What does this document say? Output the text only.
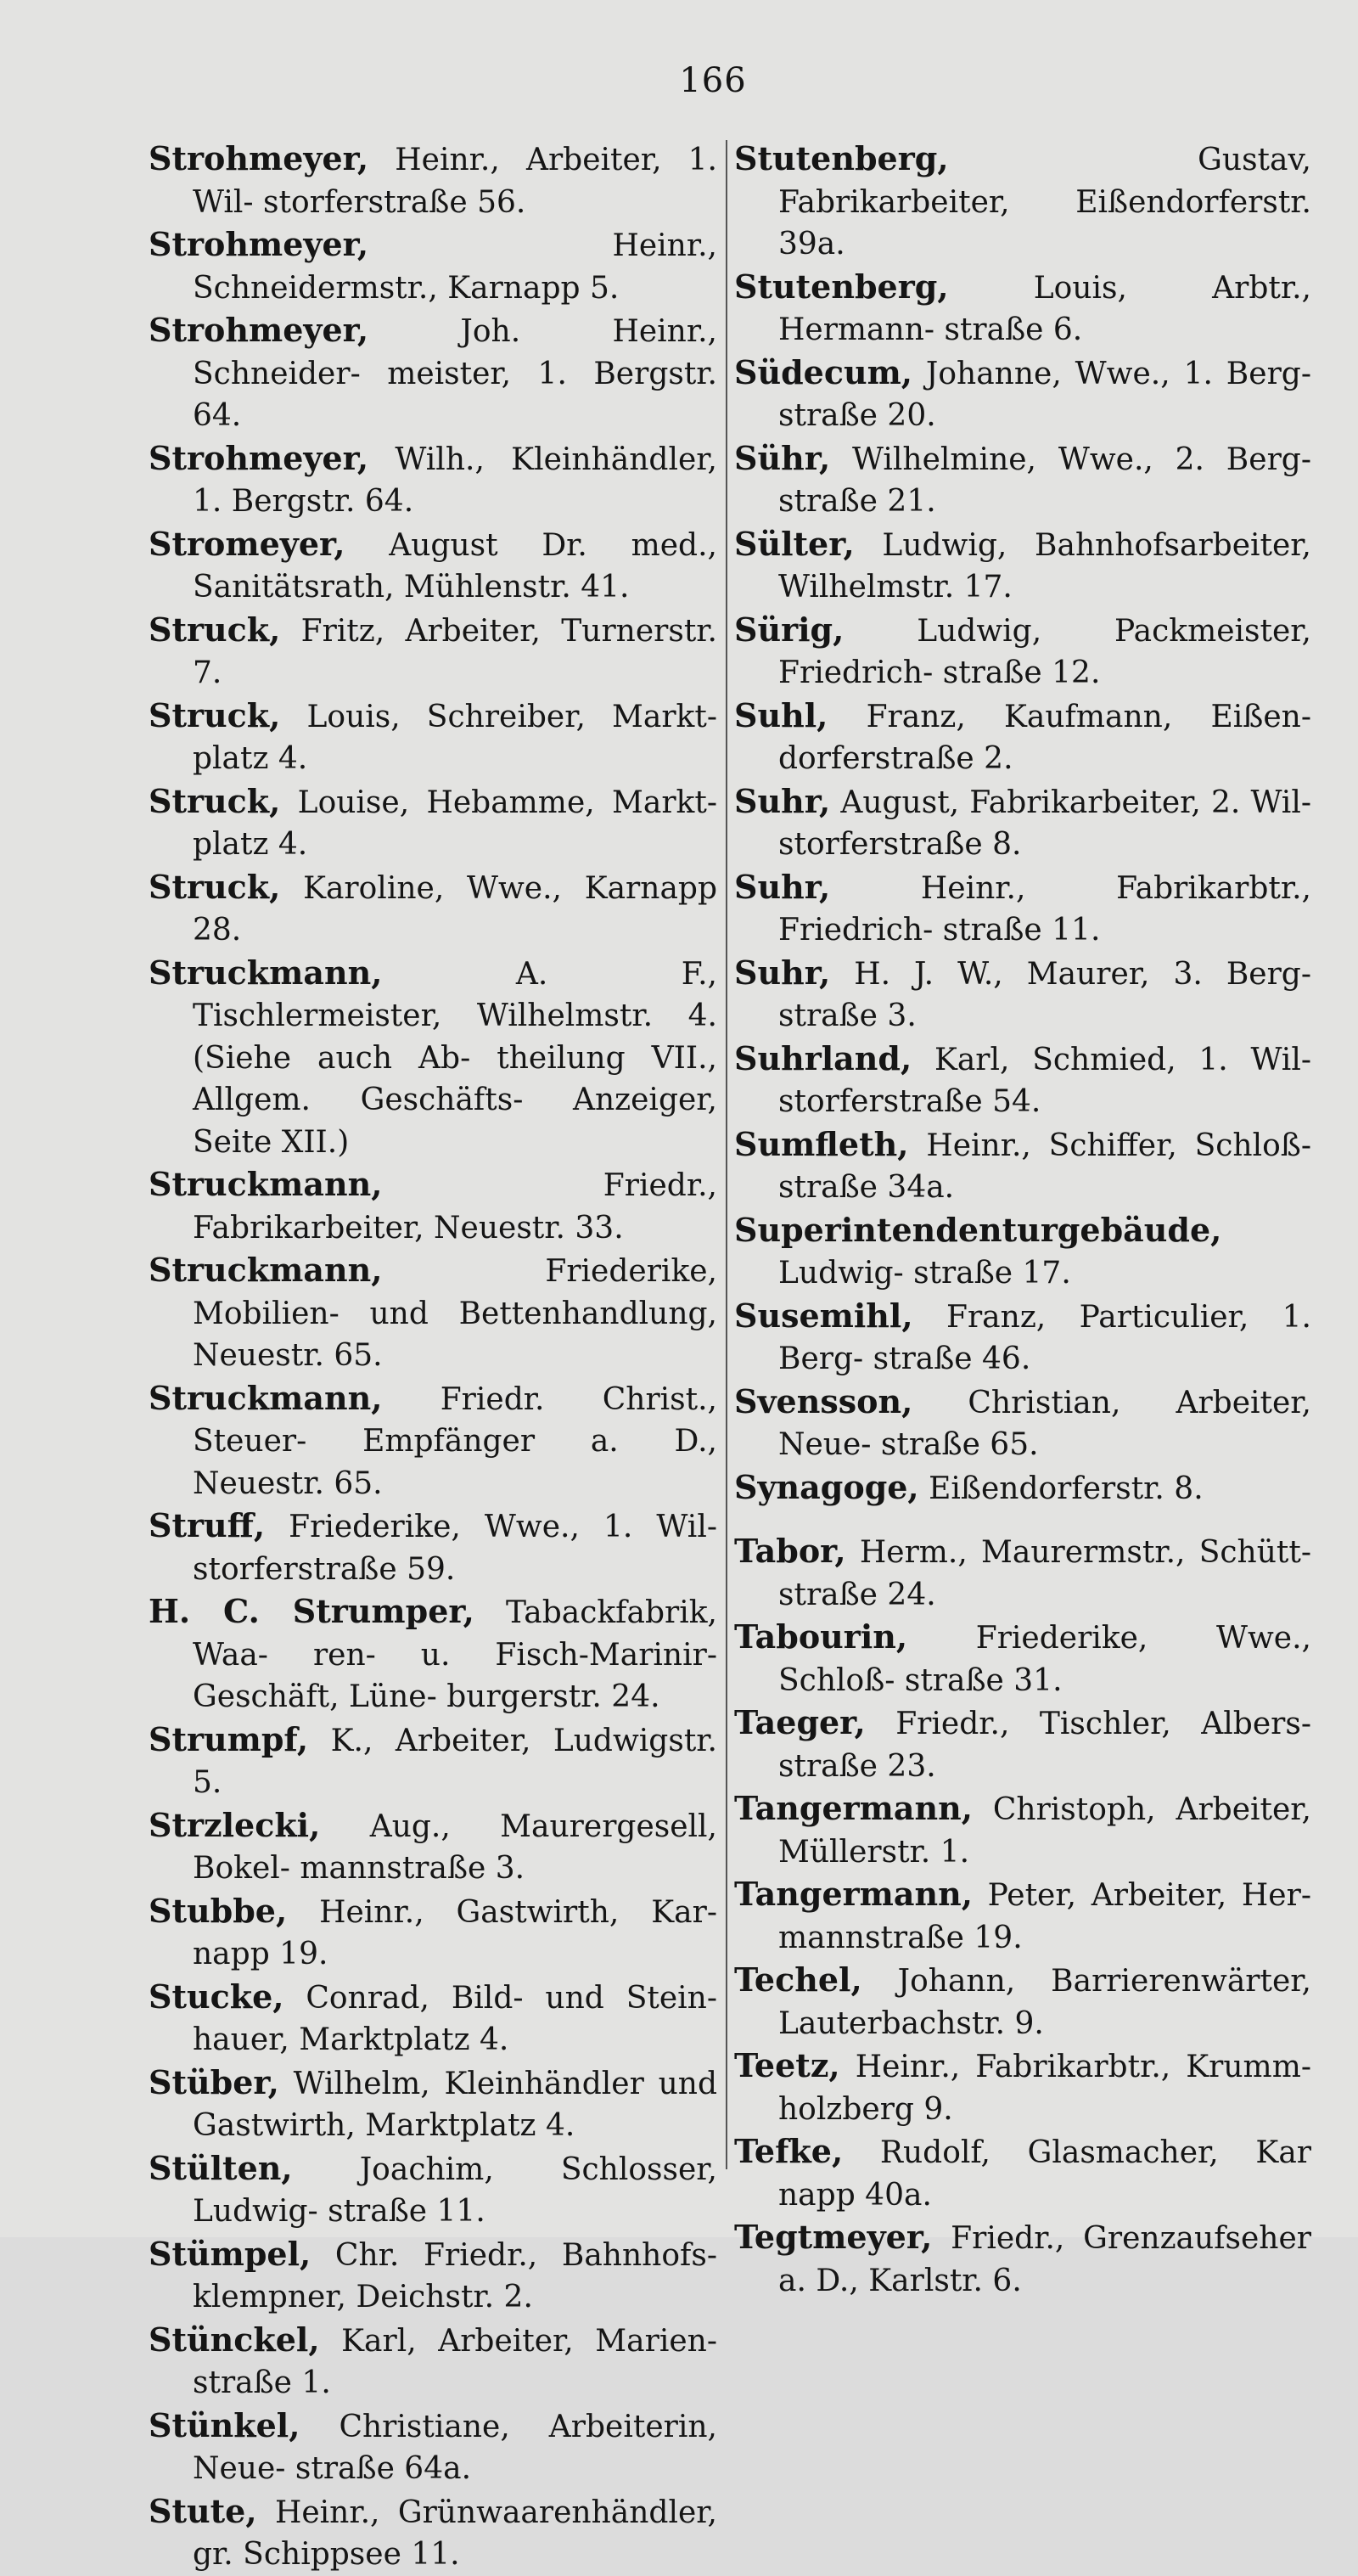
166

Strohmeyer, Heinr., Arbeiter, 1. Wil- storferstraße 56.

Strohmeyer,	Heinr., Schneidermstr., Karnapp 5.

Strohmeyer,	Joh. Heinr., Schneider- meister, 1. Bergstr. 64.

Strohmeyer, Wilh., Kleinhändler, 1. Bergstr. 64.

Stromeyer, August Dr. med., Sanitätsrath, Mühlenstr. 41.

Struck, Fritz, Arbeiter, Turnerstr. 7.

Struck, Louis, Schreiber, Markt- platz 4.

Struck, Louise, Hebamme, Markt- platz 4.

Struck, Karoline, Wwe., Karnapp 28.

Struckmann,	A. F., Tischlermeister, Wilhelmstr. 4. (Siehe auch Ab- theilung VII., Allgem. Geschäfts- Anzeiger, Seite XII.)

Struckmann,	Friedr., Fabrikarbeiter, Neuestr. 33.

Struckmann,	Friederike, Mobilien- und Bettenhandlung, Neuestr. 65.

Struckmann, Friedr. Christ., Steuer- Empfänger a. D., Neuestr. 65.

Struff, Friederike, Wwe., 1. Wil- storferstraße 59.

H. C. Strumper, Tabackfabrik, Waa- ren- u. Fisch-Marinir-Geschäft, Lüne- burgerstr. 24.

Strumpf, K., Arbeiter, Ludwigstr. 5.

Strzlecki, Aug., Maurergesell, Bokel- mannstraße 3.

Stubbe, Heinr., Gastwirth, Kar- napp 19.

Stucke, Conrad, Bild- und Stein- hauer, Marktplatz 4.

Stüber, Wilhelm, Kleinhändler und Gastwirth, Marktplatz 4.

Stülten, Joachim, Schlosser, Ludwig- straße 11.

Stümpel, Chr. Friedr., Bahnhofs- klempner, Deichstr. 2.

Stünckel, Karl, Arbeiter, Marien- straße 1.

Stünkel, Christiane, Arbeiterin, Neue- straße 64a.

Stute, Heinr., Grünwaarenhändler, gr. Schippsee 11.

Stutenberg,	Gustav, Fabrikarbeiter, Eißendorferstr. 39a.

Stutenberg,	Louis, Arbtr., Hermann- straße 6.

Südecum, Johanne, Wwe., 1. Berg- straße 20.

Sühr, Wilhelmine, Wwe., 2. Berg- straße 21.

Sülter, Ludwig, Bahnhofsarbeiter, Wilhelmstr. 17.

Sürig, Ludwig, Packmeister, Friedrich- straße 12.

Suhl, Franz, Kaufmann, Eißen- dorferstraße 2.

Suhr, August, Fabrikarbeiter, 2. Wil- storferstraße 8.

Suhr,	Heinr., Fabrikarbtr., Friedrich- straße 11.

Suhr, H. J. W., Maurer, 3. Berg- straße 3.

Suhrland, Karl, Schmied, 1. Wil- storferstraße 54.

Sumfleth, Heinr., Schiffer, Schloß- straße 34a.

Superintendenturgebäude, Ludwig- straße 17.

Susemihl, Franz, Particulier, 1. Berg- straße 46.

Svensson, Christian, Arbeiter, Neue- straße 65.

Synagoge, Eißendorferstr. 8.

Tabor, Herm., Maurermstr., Schütt- straße 24.

Tabourin, Friederike, Wwe., Schloß- straße 31.

Taeger, Friedr., Tischler, Albers- straße 23.

Tangermann, Christoph, Arbeiter, Müllerstr. 1.

Tangermann, Peter, Arbeiter, Her- mannstraße 19.

Techel, Johann, Barrierenwärter, Lauterbachstr. 9.

Teetz, Heinr., Fabrikarbtr., Krumm- holzberg 9.

Tefke, Rudolf, Glasmacher, Kar napp 40a.

Tegtmeyer, Friedr., Grenzaufseher a. D., Karlstr. 6.
